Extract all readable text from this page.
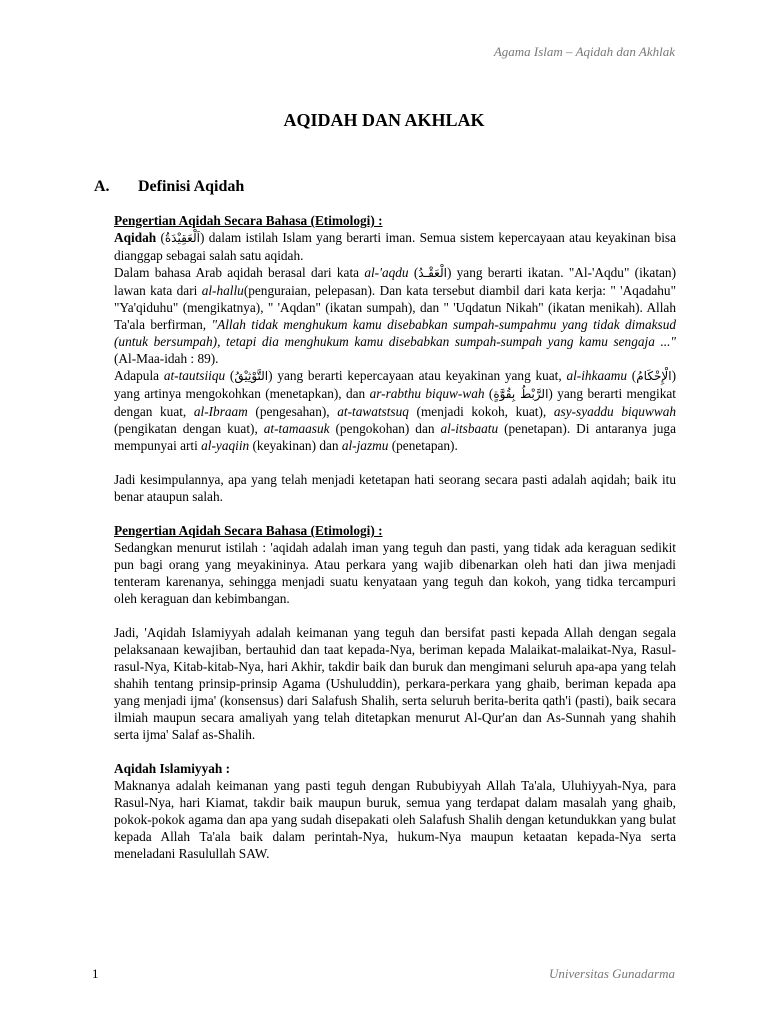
Agama Islam – Aqidah dan Akhlak
AQIDAH DAN AKHLAK
A. Definisi Aqidah

Pengertian Aqidah Secara Bahasa (Etimologi) :

Aqidah (اَلْعَقِيْدَةُ) dalam istilah Islam yang berarti iman. Semua sistem kepercayaan atau keyakinan bisa dianggap sebagai salah satu aqidah.

Dalam bahasa Arab aqidah berasal dari kata al-'aqdu (الْعَقْـدُ) yang berarti ikatan. "Al-'Aqdu" (ikatan) lawan kata dari al-hallu(penguraian, pelepasan). Dan kata tersebut diambil dari kata kerja: " 'Aqadahu" "Ya'qiduhu" (mengikatnya), " 'Aqdan" (ikatan sumpah), dan " 'Uqdatun Nikah" (ikatan menikah). Allah Ta'ala berfirman, "Allah tidak menghukum kamu disebabkan sumpah-sumpahmu yang tidak dimaksud (untuk bersumpah), tetapi dia menghukum kamu disebabkan sumpah-sumpah yang kamu sengaja ..." (Al-Maa-idah : 89).

Adapula at-tautsiiqu (التَّوْثِيْقُ) yang berarti kepercayaan atau keyakinan yang kuat, al-ihkaamu (الْإِحْكَامُ) yang artinya mengokohkan (menetapkan), dan ar-rabthu biquw-wah (الرَّبْطُ بِقُوَّةٍ) yang berarti mengikat dengan kuat, al-Ibraam (pengesahan), at-tawatstsuq (menjadi kokoh, kuat), asy-syaddu biquwwah (pengikatan dengan kuat), at-tamaasuk (pengokohan) dan al-itsbaatu (penetapan). Di antaranya juga mempunyai arti al-yaqiin (keyakinan) dan al-jazmu (penetapan).

Jadi kesimpulannya, apa yang telah menjadi ketetapan hati seorang secara pasti adalah aqidah; baik itu benar ataupun salah.

Pengertian Aqidah Secara Bahasa (Etimologi) :

Sedangkan menurut istilah : 'aqidah adalah iman yang teguh dan pasti, yang tidak ada keraguan sedikit pun bagi orang yang meyakininya. Atau perkara yang wajib dibenarkan oleh hati dan jiwa menjadi tenteram karenanya, sehingga menjadi suatu kenyataan yang teguh dan kokoh, yang tidka tercampuri oleh keraguan dan kebimbangan.

Jadi, 'Aqidah Islamiyyah adalah keimanan yang teguh dan bersifat pasti kepada Allah dengan segala pelaksanaan kewajiban, bertauhid dan taat kepada-Nya, beriman kepada Malaikat-malaikat-Nya, Rasul-rasul-Nya, Kitab-kitab-Nya, hari Akhir, takdir baik dan buruk dan mengimani seluruh apa-apa yang telah shahih tentang prinsip-prinsip Agama (Ushuluddin), perkara-perkara yang ghaib, beriman kepada apa yang menjadi ijma' (konsensus) dari Salafush Shalih, serta seluruh berita-berita qath'i (pasti), baik secara ilmiah maupun secara amaliyah yang telah ditetapkan menurut Al-Qur'an dan As-Sunnah yang shahih serta ijma' Salaf as-Shalih.

Aqidah Islamiyyah :

Maknanya adalah keimanan yang pasti teguh dengan Rububiyyah Allah Ta'ala, Uluhiyyah-Nya, para Rasul-Nya, hari Kiamat, takdir baik maupun buruk, semua yang terdapat dalam masalah yang ghaib, pokok-pokok agama dan apa yang sudah disepakati oleh Salafush Shalih dengan ketundukkan yang bulat kepada Allah Ta'ala baik dalam perintah-Nya, hukum-Nya maupun ketaatan kepada-Nya serta meneladani Rasulullah SAW.

1	Universitas Gunadarma
